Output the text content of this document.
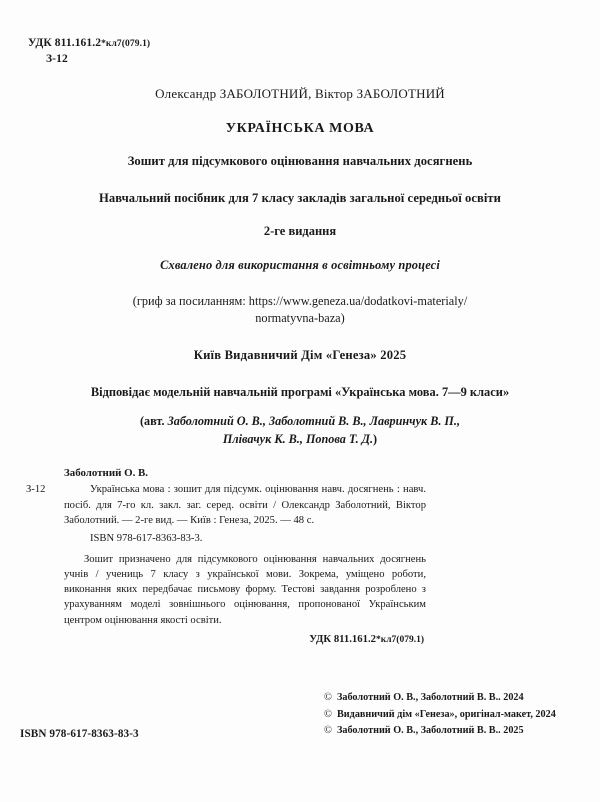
УДК 811.161.2*кл7(079.1)
З-12
Олександр ЗАБОЛОТНИЙ, Віктор ЗАБОЛОТНИЙ
УКРАЇНСЬКА МОВА
Зошит для підсумкового оцінювання навчальних досягнень
Навчальний посібник для 7 класу закладів загальної середньої освіти
2-ге видання
Схвалено для використання в освітньому процесі
(гриф за посиланням: https://www.geneza.ua/dodatkovi-materialy/
normatyvna-baza)
Київ Видавничий Дім «Генеза» 2025
Відповідає модельній навчальній програмі «Українська мова. 7—9 класи»
(авт. Заболотний О. В., Заболотний В. В., Лавринчук В. П.,
Плівачук К. В., Попова Т. Д.)
Заболотний О. В.
З-12	Українська мова : зошит для підсумк. оцінювання навч. досягнень : навч. посіб. для 7-го кл. закл. заг. серед. освіти / Олександр Заболотний, Віктор Заболотний. — 2-ге вид. — Київ : Генеза, 2025. — 48 с.
ISBN 978-617-8363-83-3.
Зошит призначено для підсумкового оцінювання навчальних досягнень учнів / учениць 7 класу з української мови. Зокрема, уміщено роботи, виконання яких передбачає письмову форму. Тестові завдання розроблено з урахуванням моделі зовнішнього оцінювання, пропонованої Українським центром оцінювання якості освіти.
УДК 811.161.2*кл7(079.1)
© Заболотний О. В., Заболотний В. В.. 2024
© Видавничий дім «Генеза», оригінал-макет, 2024
© Заболотний О. В., Заболотний В. В.. 2025
ISBN 978-617-8363-83-3
